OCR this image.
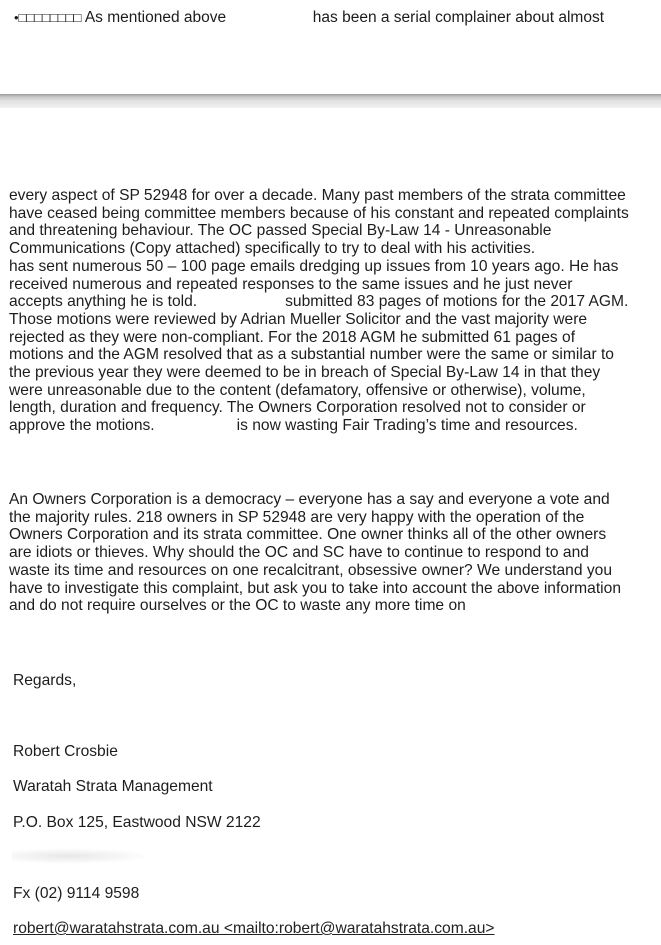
•□□□□□□□□ As mentioned above	has been a serial complainer about almost
every aspect of SP 52948 for over a decade. Many past members of the strata committee
have ceased being committee members because of his constant and repeated complaints
and threatening behaviour. The OC passed Special By-Law 14 - Unreasonable
Communications (Copy attached) specifically to try to deal with his activities.
has sent numerous 50 – 100 page emails dredging up issues from 10 years ago. He has
received numerous and repeated responses to the same issues and he just never
accepts anything he is told.	submitted 83 pages of motions for the 2017 AGM.
Those motions were reviewed by Adrian Mueller Solicitor and the vast majority were
rejected as they were non-compliant. For the 2018 AGM he submitted 61 pages of
motions and the AGM resolved that as a substantial number were the same or similar to
the previous year they were deemed to be in breach of Special By-Law 14 in that they
were unreasonable due to the content (defamatory, offensive or otherwise), volume,
length, duration and frequency. The Owners Corporation resolved not to consider or
approve the motions.	is now wasting Fair Trading’s time and resources.
An Owners Corporation is a democracy – everyone has a say and everyone a vote and
the majority rules. 218 owners in SP 52948 are very happy with the operation of the
Owners Corporation and its strata committee. One owner thinks all of the other owners
are idiots or thieves. Why should the OC and SC have to continue to respond to and
waste its time and resources on one recalcitrant, obsessive owner? We understand you
have to investigate this complaint, but ask you to take into account the above information
and do not require ourselves or the OC to waste any more time on
Regards,
Robert Crosbie
Waratah Strata Management
P.O. Box 125, Eastwood NSW 2122
Fx (02) 9114 9598
robert@waratahstrata.com.au <mailto:robert@waratahstrata.com.au>
